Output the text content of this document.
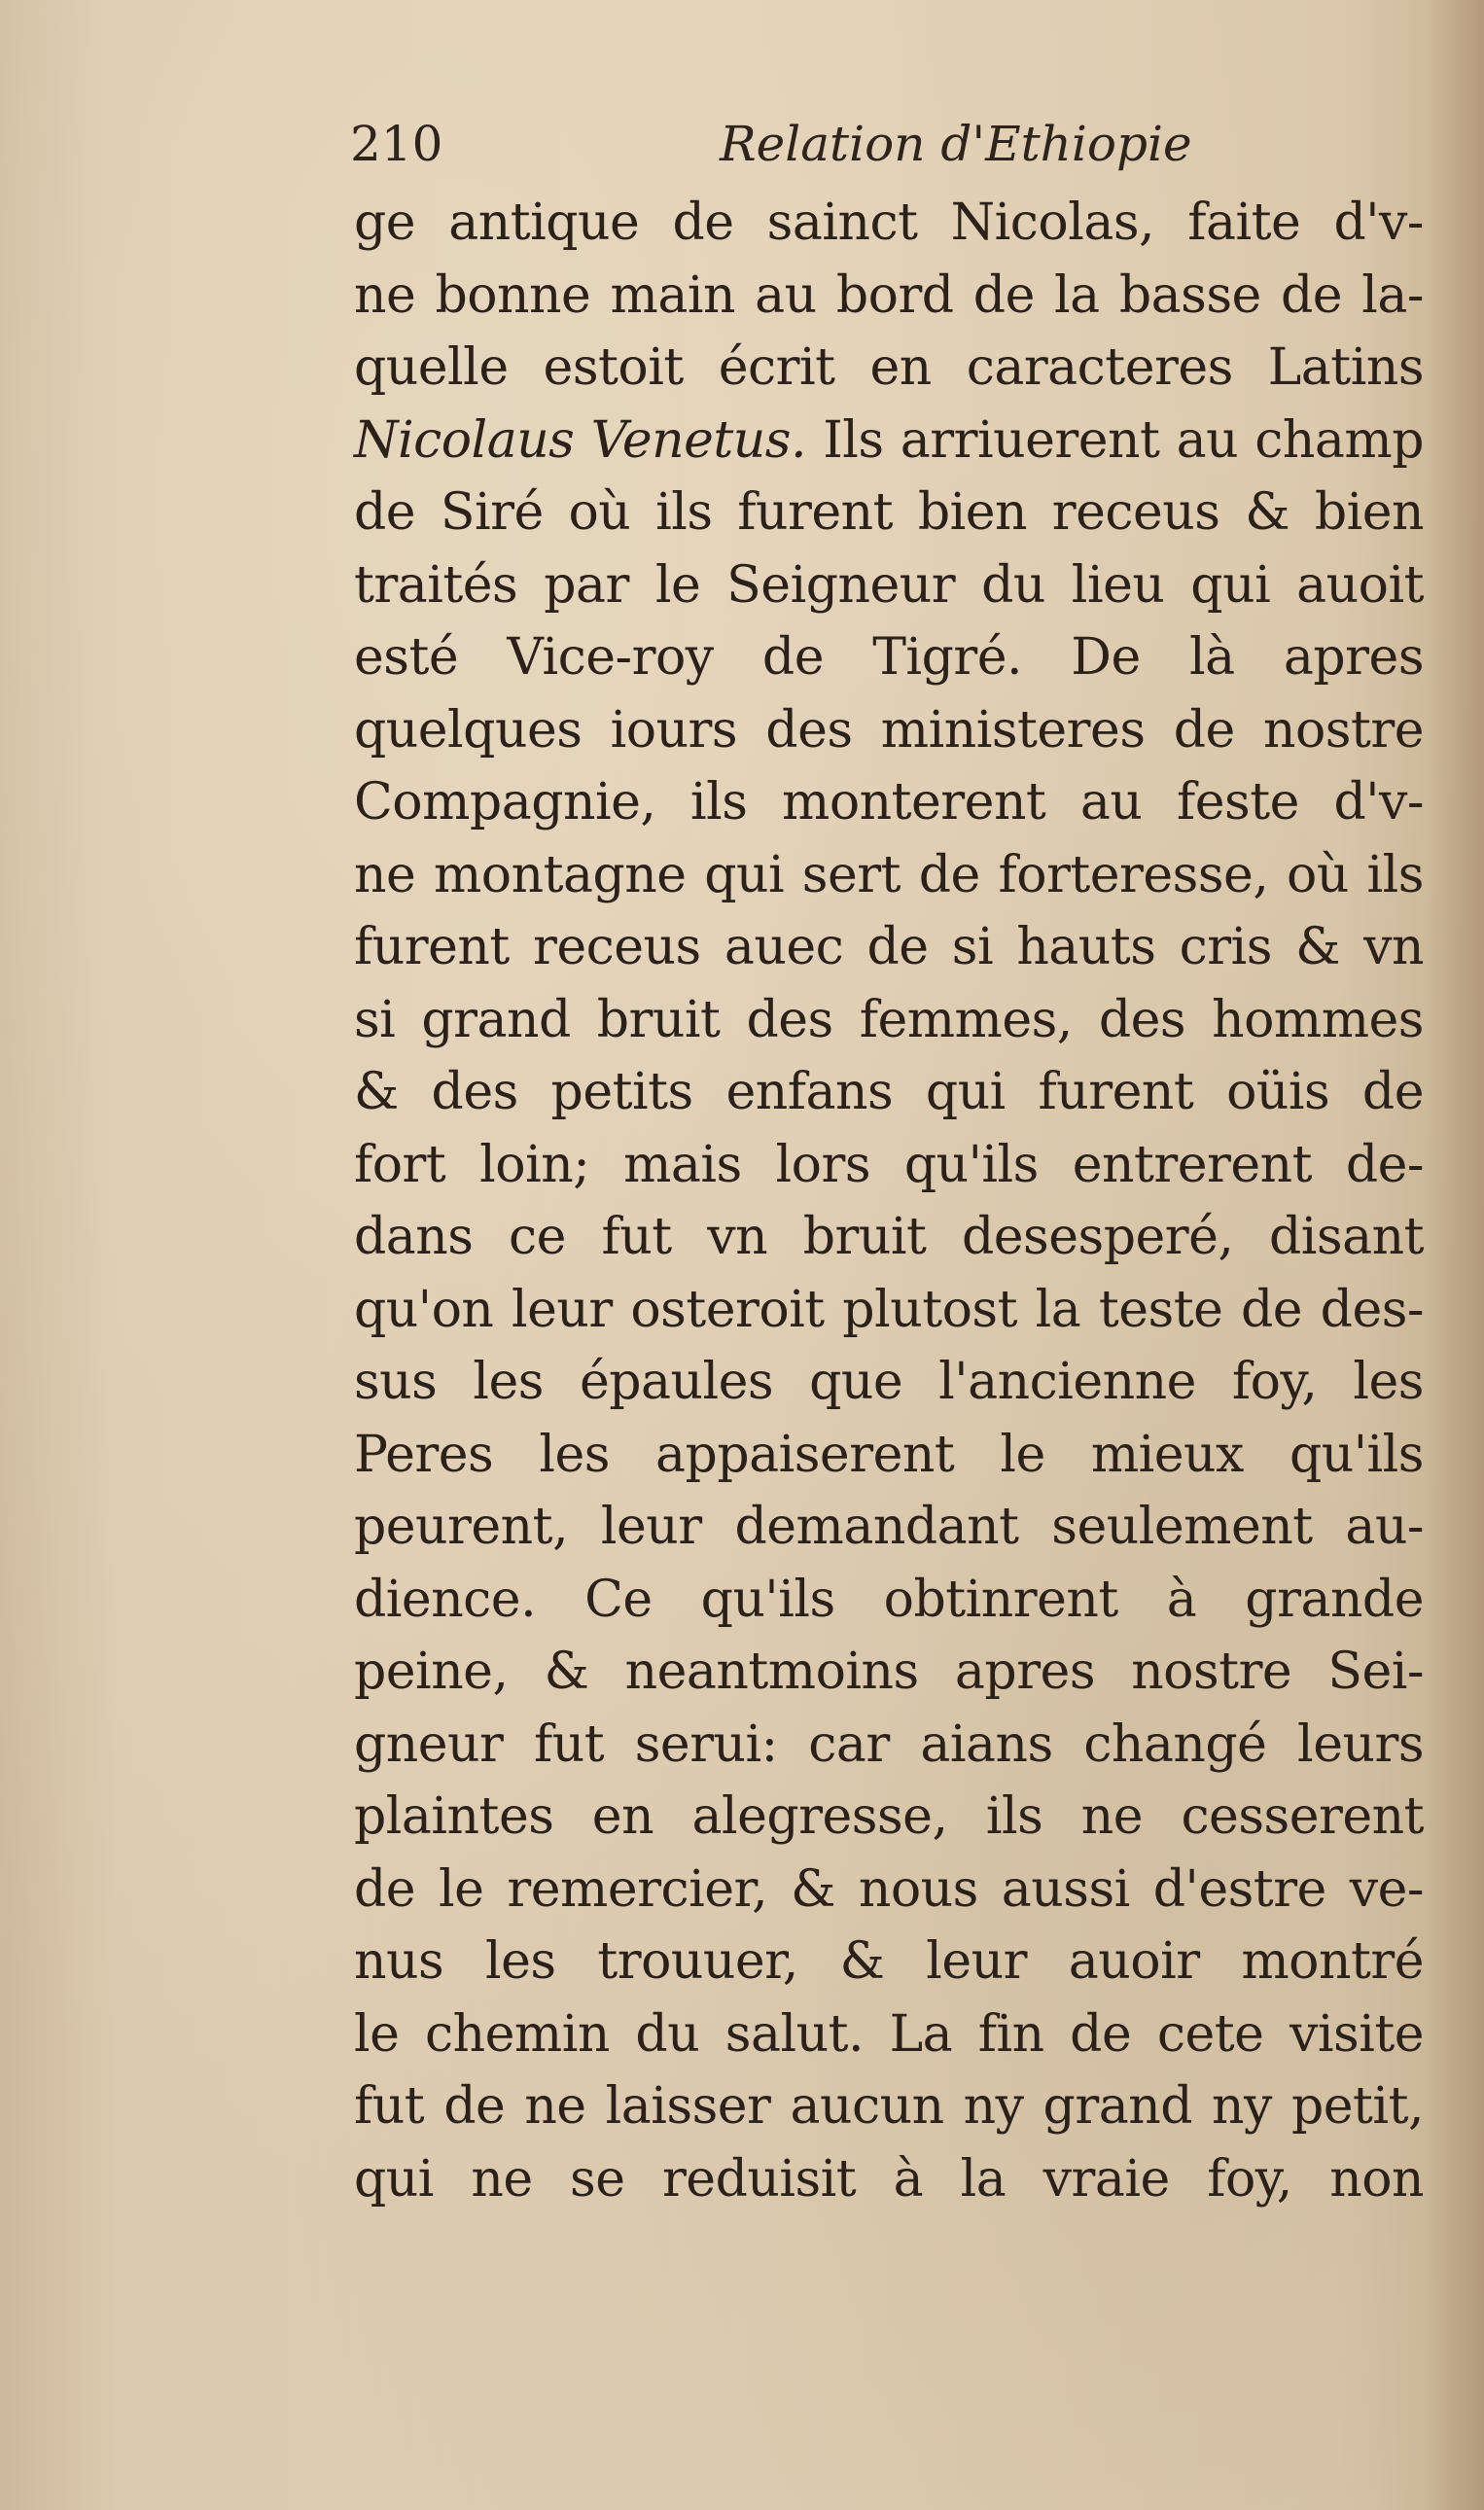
210	Relation d'Ethiopie
ge antique de sainct Nicolas, faite d'v-
ne bonne main au bord de la basse de la-
quelle estoit écrit en caracteres Latins
Nicolaus Venetus. Ils arriuerent au champ
de Siré où ils furent bien receus & bien
traités par le Seigneur du lieu qui auoit
esté Vice-roy de Tigré. De là apres
quelques iours des ministeres de nostre
Compagnie, ils monterent au feste d'v-
ne montagne qui sert de forteresse, où ils
furent receus auec de si hauts cris & vn
si grand bruit des femmes, des hommes
& des petits enfans qui furent oüis de
fort loin; mais lors qu'ils entrerent de-
dans ce fut vn bruit desesperé, disant
qu'on leur osteroit plutost la teste de des-
sus les épaules que l'ancienne foy, les
Peres les appaiserent le mieux qu'ils
peurent, leur demandant seulement au-
dience. Ce qu'ils obtinrent à grande
peine, & neantmoins apres nostre Sei-
gneur fut serui: car aians changé leurs
plaintes en alegresse, ils ne cesserent
de le remercier, & nous aussi d'estre ve-
nus les trouuer, & leur auoir montré
le chemin du salut. La fin de cete visite
fut de ne laisser aucun ny grand ny petit,
qui ne se reduisit à la vraie foy, non
